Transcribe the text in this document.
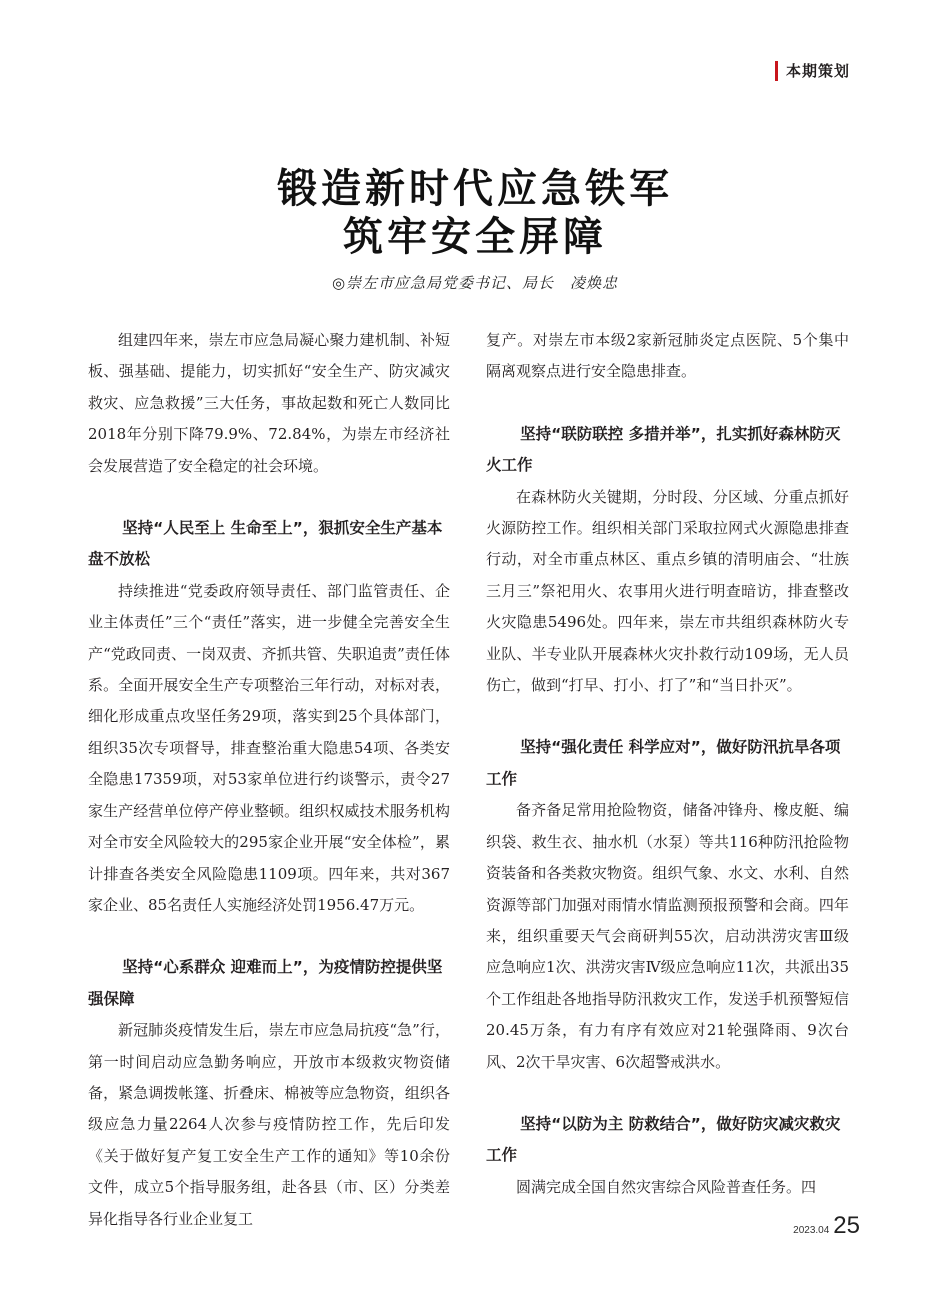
本期策划
锻造新时代应急铁军
筑牢安全屏障
◎崇左市应急局党委书记、局长　凌焕忠

组建四年来，崇左市应急局凝心聚力建机制、补短板、强基础、提能力，切实抓好“安全生产、防灾减灾救灾、应急救援”三大任务，事故起数和死亡人数同比2018年分别下降79.9%、72.84%，为崇左市经济社会发展营造了安全稳定的社会环境。

坚持“人民至上 生命至上”，狠抓安全生产基本盘不放松

持续推进“党委政府领导责任、部门监管责任、企业主体责任”三个“责任”落实，进一步健全完善安全生产“党政同责、一岗双责、齐抓共管、失职追责”责任体系。全面开展安全生产专项整治三年行动，对标对表，细化形成重点攻坚任务29项，落实到25个具体部门，组织35次专项督导，排查整治重大隐患54项、各类安全隐患17359项，对53家单位进行约谈警示，责令27家生产经营单位停产停业整顿。组织权威技术服务机构对全市安全风险较大的295家企业开展“安全体检”，累计排查各类安全风险隐患1109项。四年来，共对367家企业、85名责任人实施经济处罚1956.47万元。

坚持“心系群众 迎难而上”，为疫情防控提供坚强保障

新冠肺炎疫情发生后，崇左市应急局抗疫“急”行，第一时间启动应急勤务响应，开放市本级救灾物资储备，紧急调拨帐篷、折叠床、棉被等应急物资，组织各级应急力量2264人次参与疫情防控工作，先后印发《关于做好复产复工安全生产工作的通知》等10余份文件，成立5个指导服务组，赴各县（市、区）分类差异化指导各行业企业复工

复产。对崇左市本级2家新冠肺炎定点医院、5个集中隔离观察点进行安全隐患排查。

坚持“联防联控 多措并举”，扎实抓好森林防灭火工作

在森林防火关键期，分时段、分区域、分重点抓好火源防控工作。组织相关部门采取拉网式火源隐患排查行动，对全市重点林区、重点乡镇的清明庙会、“壮族三月三”祭祀用火、农事用火进行明查暗访，排查整改火灾隐患5496处。四年来，崇左市共组织森林防火专业队、半专业队开展森林火灾扑救行动109场，无人员伤亡，做到“打早、打小、打了”和“当日扑灭”。

坚持“强化责任 科学应对”，做好防汛抗旱各项工作

备齐备足常用抢险物资，储备冲锋舟、橡皮艇、编织袋、救生衣、抽水机（水泵）等共116种防汛抢险物资装备和各类救灾物资。组织气象、水文、水利、自然资源等部门加强对雨情水情监测预报预警和会商。四年来，组织重要天气会商研判55次，启动洪涝灾害Ⅲ级应急响应1次、洪涝灾害Ⅳ级应急响应11次，共派出35个工作组赴各地指导防汛救灾工作，发送手机预警短信20.45万条，有力有序有效应对21轮强降雨、9次台风、2次干旱灾害、6次超警戒洪水。

坚持“以防为主 防救结合”，做好防灾减灾救灾工作

圆满完成全国自然灾害综合风险普查任务。四

2023.04 25
